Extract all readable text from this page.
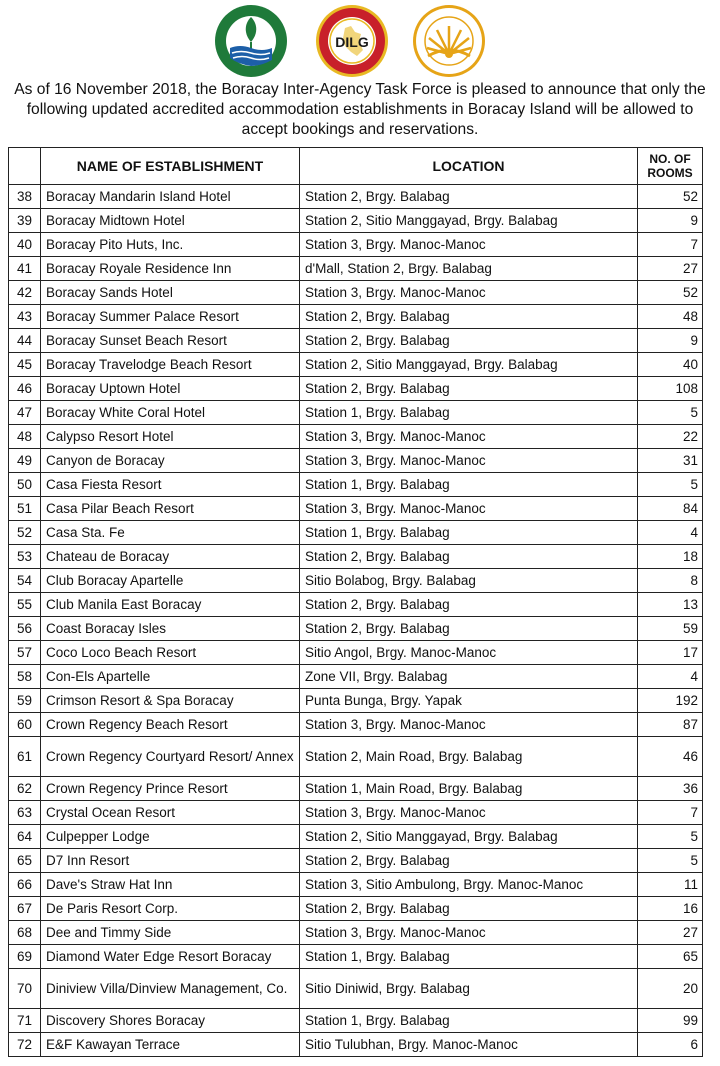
DILG

As of 16 November 2018, the Boracay Inter-Agency Task Force is pleased to announce that only the following updated accredited accommodation establishments in Boracay Island will be allowed to accept bookings and reservations.

	NAME OF ESTABLISHMENT	LOCATION	NO. OF
ROOMS
38	Boracay Mandarin Island Hotel	Station 2, Brgy. Balabag	52
39	Boracay Midtown Hotel	Station 2, Sitio Manggayad, Brgy. Balabag	9
40	Boracay Pito Huts, Inc.	Station 3, Brgy. Manoc-Manoc	7
41	Boracay Royale Residence Inn	d'Mall, Station 2, Brgy. Balabag	27
42	Boracay Sands Hotel	Station 3, Brgy. Manoc-Manoc	52
43	Boracay Summer Palace Resort	Station 2, Brgy. Balabag	48
44	Boracay Sunset Beach Resort	Station 2, Brgy. Balabag	9
45	Boracay Travelodge Beach Resort	Station 2, Sitio Manggayad, Brgy. Balabag	40
46	Boracay Uptown Hotel	Station 2, Brgy. Balabag	108
47	Boracay White Coral Hotel	Station 1, Brgy. Balabag	5
48	Calypso Resort Hotel	Station 3, Brgy. Manoc-Manoc	22
49	Canyon de Boracay	Station 3, Brgy. Manoc-Manoc	31
50	Casa Fiesta Resort	Station 1, Brgy. Balabag	5
51	Casa Pilar Beach Resort	Station 3, Brgy. Manoc-Manoc	84
52	Casa Sta. Fe	Station 1, Brgy. Balabag	4
53	Chateau de Boracay	Station 2, Brgy. Balabag	18
54	Club Boracay Apartelle	Sitio Bolabog, Brgy. Balabag	8
55	Club Manila East Boracay	Station 2, Brgy. Balabag	13
56	Coast Boracay Isles	Station 2, Brgy. Balabag	59
57	Coco Loco Beach Resort	Sitio Angol, Brgy. Manoc-Manoc	17
58	Con-Els Apartelle	Zone VII, Brgy. Balabag	4
59	Crimson Resort & Spa Boracay	Punta Bunga, Brgy. Yapak	192
60	Crown Regency Beach Resort	Station 3, Brgy. Manoc-Manoc	87
61	Crown Regency Courtyard Resort/ Annex	Station 2, Main Road, Brgy. Balabag	46
62	Crown Regency Prince Resort	Station 1, Main Road, Brgy. Balabag	36
63	Crystal Ocean Resort	Station 3, Brgy. Manoc-Manoc	7
64	Culpepper Lodge	Station 2, Sitio Manggayad, Brgy. Balabag	5
65	D7 Inn Resort	Station 2, Brgy. Balabag	5
66	Dave's Straw Hat Inn	Station 3, Sitio Ambulong, Brgy. Manoc-Manoc	11
67	De Paris Resort Corp.	Station 2, Brgy. Balabag	16
68	Dee and Timmy Side	Station 3, Brgy. Manoc-Manoc	27
69	Diamond Water Edge Resort Boracay	Station 1, Brgy. Balabag	65
70	Diniview Villa/Dinview Management, Co.	Sitio Diniwid, Brgy. Balabag	20
71	Discovery Shores Boracay	Station 1, Brgy. Balabag	99
72	E&F Kawayan Terrace	Sitio Tulubhan, Brgy. Manoc-Manoc	6
